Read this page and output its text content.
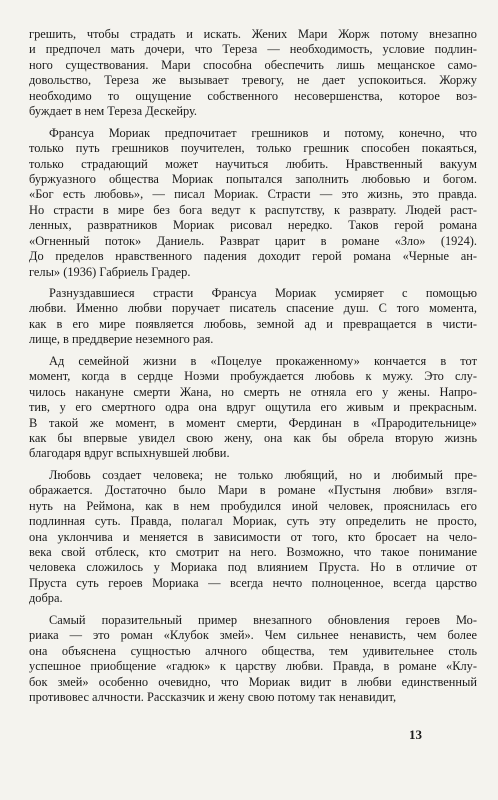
грешить, чтобы страдать и искать. Жених Мари Жорж потому внезапно
и предпочел мать дочери, что Тереза — необходимость, условие подлин-
ного существования. Мари способна обеспечить лишь мещанское само-
довольство, Тереза же вызывает тревогу, не дает успокоиться. Жоржу
необходимо то ощущение собственного несовершенства, которое воз-
буждает в нем Тереза Дескейру.
Франсуа Мориак предпочитает грешников и потому, конечно, что
только путь грешников поучителен, только грешник способен покаяться,
только страдающий может научиться любить. Нравственный вакуум
буржуазного общества Мориак попытался заполнить любовью и богом.
«Бог есть любовь», — писал Мориак. Страсти — это жизнь, это правда.
Но страсти в мире без бога ведут к распутству, к разврату. Людей раст-
ленных, развратников Мориак рисовал нередко. Таков герой романа
«Огненный поток» Даниель. Разврат царит в романе «Зло» (1924).
До пределов нравственного падения доходит герой романа «Черные ан-
гелы» (1936) Габриель Градер.
Разнуздавшиеся страсти Франсуа Мориак усмиряет с помощью
любви. Именно любви поручает писатель спасение душ. С того момента,
как в его мире появляется любовь, земной ад и превращается в чисти-
лище, в преддверие неземного рая.
Ад семейной жизни в «Поцелуе прокаженному» кончается в тот
момент, когда в сердце Ноэми пробуждается любовь к мужу. Это слу-
чилось накануне смерти Жана, но смерть не отняла его у жены. Напро-
тив, у его смертного одра она вдруг ощутила его живым и прекрасным.
В такой же момент, в момент смерти, Фердинан в «Прародительнице»
как бы впервые увидел свою жену, она как бы обрела вторую жизнь
благодаря вдруг вспыхнувшей любви.
Любовь создает человека; не только любящий, но и любимый пре-
ображается. Достаточно было Мари в романе «Пустыня любви» взгля-
нуть на Реймона, как в нем пробудился иной человек, прояснилась его
подлинная суть. Правда, полагал Мориак, суть эту определить не просто,
она уклончива и меняется в зависимости от того, кто бросает на чело-
века свой отблеск, кто смотрит на него. Возможно, что такое понимание
человека сложилось у Мориака под влиянием Пруста. Но в отличие от
Пруста суть героев Мориака — всегда нечто полноценное, всегда царство
добра.
Самый поразительный пример внезапного обновления героев Мо-
риака — это роман «Клубок змей». Чем сильнее ненависть, чем более
она объяснена сущностью алчного общества, тем удивительнее столь
успешное приобщение «гадюк» к царству любви. Правда, в романе «Клу-
бок змей» особенно очевидно, что Мориак видит в любви единственный
противовес алчности. Рассказчик и жену свою потому так ненавидит,
13
